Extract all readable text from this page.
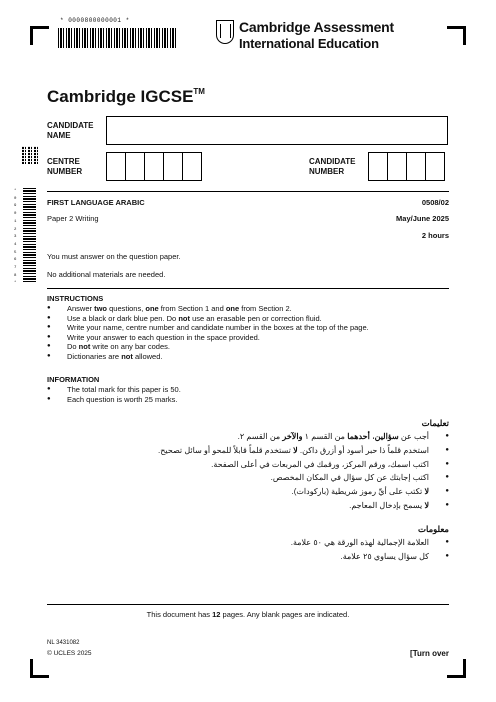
* 0000800000001 *	Cambridge Assessment
International Education
Cambridge IGCSE™
CANDIDATE
NAME
CENTRE
NUMBER
CANDIDATE
NUMBER
* 0 9 0 1 2 3 4 5 6 7 8 *
FIRST LANGUAGE ARABIC	0508/02
Paper 2 Writing	May/June 2025
2 hours
You must answer on the question paper.
No additional materials are needed.
INSTRUCTIONS
● Answer two questions, one from Section 1 and one from Section 2.
● Use a black or dark blue pen. Do not use an erasable pen or correction fluid.
● Write your name, centre number and candidate number in the boxes at the top of the page.
● Write your answer to each question in the space provided.
● Do not write on any bar codes.
● Dictionaries are not allowed.
INFORMATION
● The total mark for this paper is 50.
● Each question is worth 25 marks.
تعليمات
● أجب عن سؤالين، أحدهما من القسم ١ والآخر من القسم ٢.
● استخدم قلماً ذا حبر أسود أو أزرق داكن. لا تستخدم قلماً قابلاً للمحو أو سائل تصحيح.
● اكتب اسمك، ورقم المركز، ورقمك في المربعات في أعلى الصفحة.
● اكتب إجابتك عن كل سؤال في المكان المخصص.
● لا تكتب على أيِّ رموز شريطية (باركودات).
● لا يسمح بإدخال المعاجم.
معلومات
● العلامة الإجمالية لهذه الورقة هي ٥٠ علامة.
● كل سؤال يساوي ٢٥ علامة.
This document has 12 pages. Any blank pages are indicated.
NL 3431082
© UCLES 2025	[Turn over
